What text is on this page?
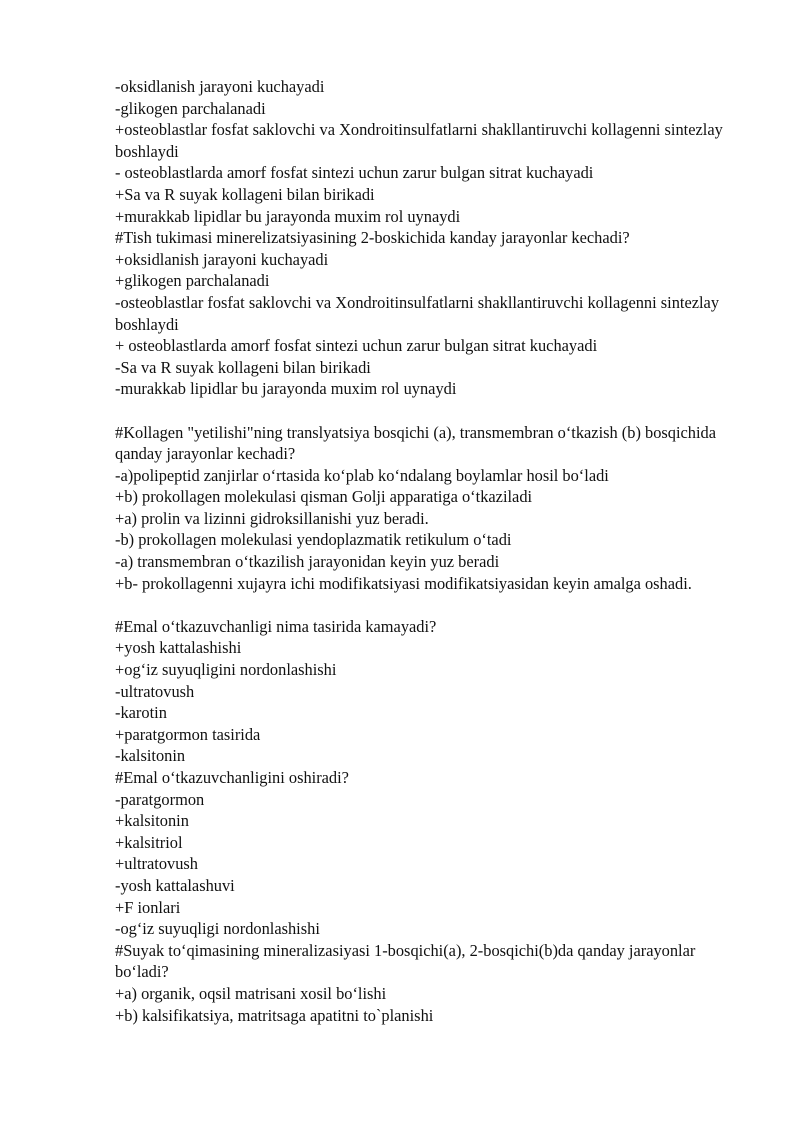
-oksidlanish jarayoni kuchayadi

-glikogen parchalanadi

+osteoblastlar fosfat saklovchi va Xondroitinsulfatlarni shakllantiruvchi kollagenni sintezlay boshlaydi

- osteoblastlarda amorf fosfat sintezi uchun zarur bulgan sitrat kuchayadi

+Sa va R suyak kollageni bilan birikadi

+murakkab lipidlar bu jarayonda muxim rol uynaydi

#Tish tukimasi minerelizatsiyasining 2-boskichida kanday jarayonlar kechadi?

+oksidlanish jarayoni kuchayadi

+glikogen parchalanadi

-osteoblastlar fosfat saklovchi va Xondroitinsulfatlarni shakllantiruvchi kollagenni sintezlay boshlaydi

+ osteoblastlarda amorf fosfat sintezi uchun zarur bulgan sitrat kuchayadi

-Sa va R suyak kollageni bilan birikadi

-murakkab lipidlar bu jarayonda muxim rol uynaydi

#Kollagen "yetilishi"ning translyatsiya bosqichi (a), transmembran o‘tkazish (b) bosqichida qanday jarayonlar kechadi?

-a)polipeptid zanjirlar o‘rtasida ko‘plab ko‘ndalang boylamlar hosil bo‘ladi

+b) prokollagen molekulasi qisman Golji apparatiga o‘tkaziladi

+a) prolin va lizinni gidroksillanishi yuz beradi.

-b) prokollagen molekulasi yendoplazmatik retikulum o‘tadi

-a) transmembran o‘tkazilish jarayonidan keyin yuz beradi

+b- prokollagenni xujayra ichi modifikatsiyasi modifikatsiyasidan keyin amalga oshadi.

#Emal o‘tkazuvchanligi nima tasirida kamayadi?

+yosh kattalashishi

+og‘iz suyuqligini nordonlashishi

-ultratovush

-karotin

+paratgormon tasirida

-kalsitonin

#Emal o‘tkazuvchanligini oshiradi?

-paratgormon

+kalsitonin

+kalsitriol

+ultratovush

-yosh kattalashuvi

+F ionlari

-og‘iz suyuqligi nordonlashishi

#Suyak to‘qimasining mineralizasiyasi 1-bosqichi(a), 2-bosqichi(b)da qanday jarayonlar bo‘ladi?

+a) organik, oqsil matrisani xosil bo‘lishi

+b) kalsifikatsiya, matritsaga apatitni to`planishi
